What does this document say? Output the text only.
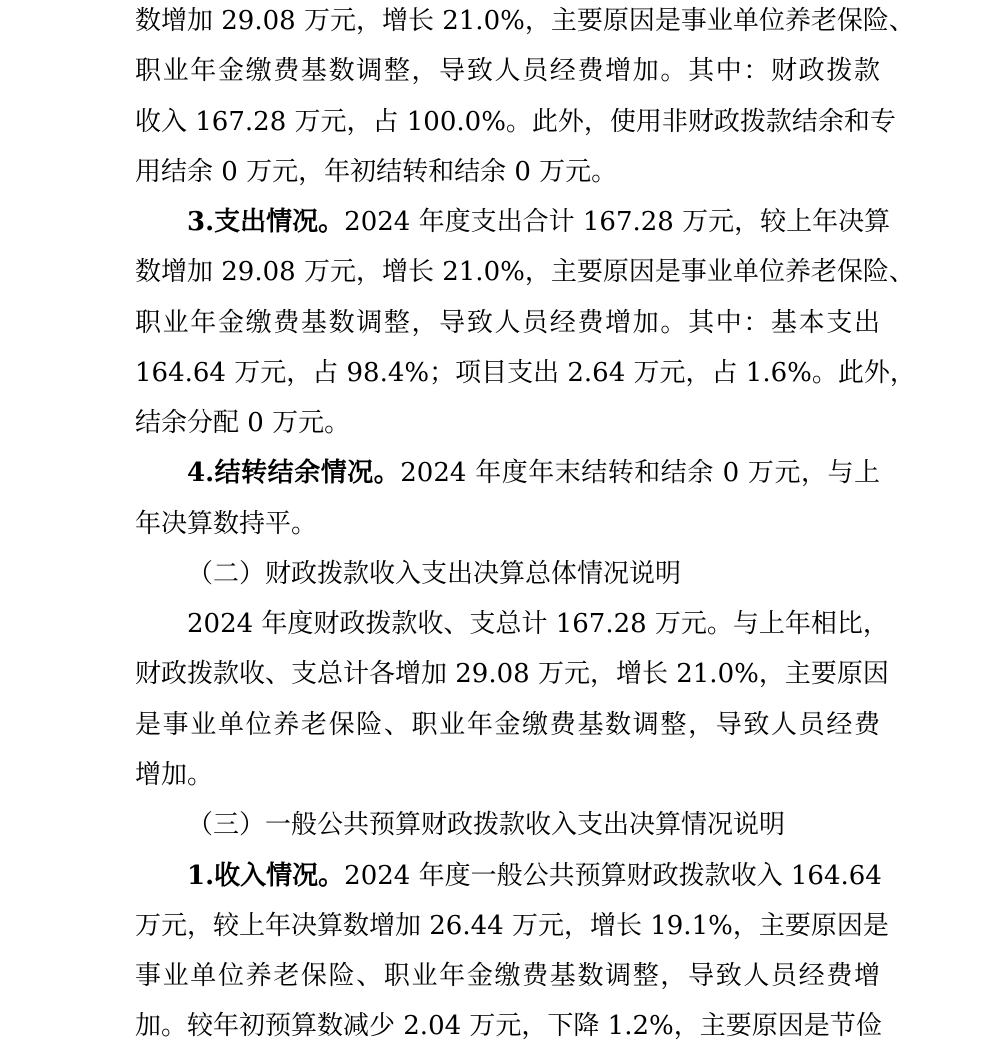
数增加 29.08 万元，增长 21.0%，主要原因是事业单位养老保险、
职业年金缴费基数调整，导致人员经费增加。其中：财政拨款
收入 167.28 万元，占 100.0%。此外，使用非财政拨款结余和专
用结余 0 万元，年初结转和结余 0 万元。
3.支出情况。2024 年度支出合计 167.28 万元，较上年决算
数增加 29.08 万元，增长 21.0%，主要原因是事业单位养老保险、
职业年金缴费基数调整，导致人员经费增加。其中：基本支出
164.64 万元，占 98.4%；项目支出 2.64 万元，占 1.6%。此外，
结余分配 0 万元。
4.结转结余情况。2024 年度年末结转和结余 0 万元，与上
年决算数持平。
（二）财政拨款收入支出决算总体情况说明
2024 年度财政拨款收、支总计 167.28 万元。与上年相比，
财政拨款收、支总计各增加 29.08 万元，增长 21.0%，主要原因
是事业单位养老保险、职业年金缴费基数调整，导致人员经费
增加。
（三）一般公共预算财政拨款收入支出决算情况说明
1.收入情况。2024 年度一般公共预算财政拨款收入 164.64
万元，较上年决算数增加 26.44 万元，增长 19.1%，主要原因是
事业单位养老保险、职业年金缴费基数调整，导致人员经费增
加。较年初预算数减少 2.04 万元，下降 1.2%，主要原因是节俭
